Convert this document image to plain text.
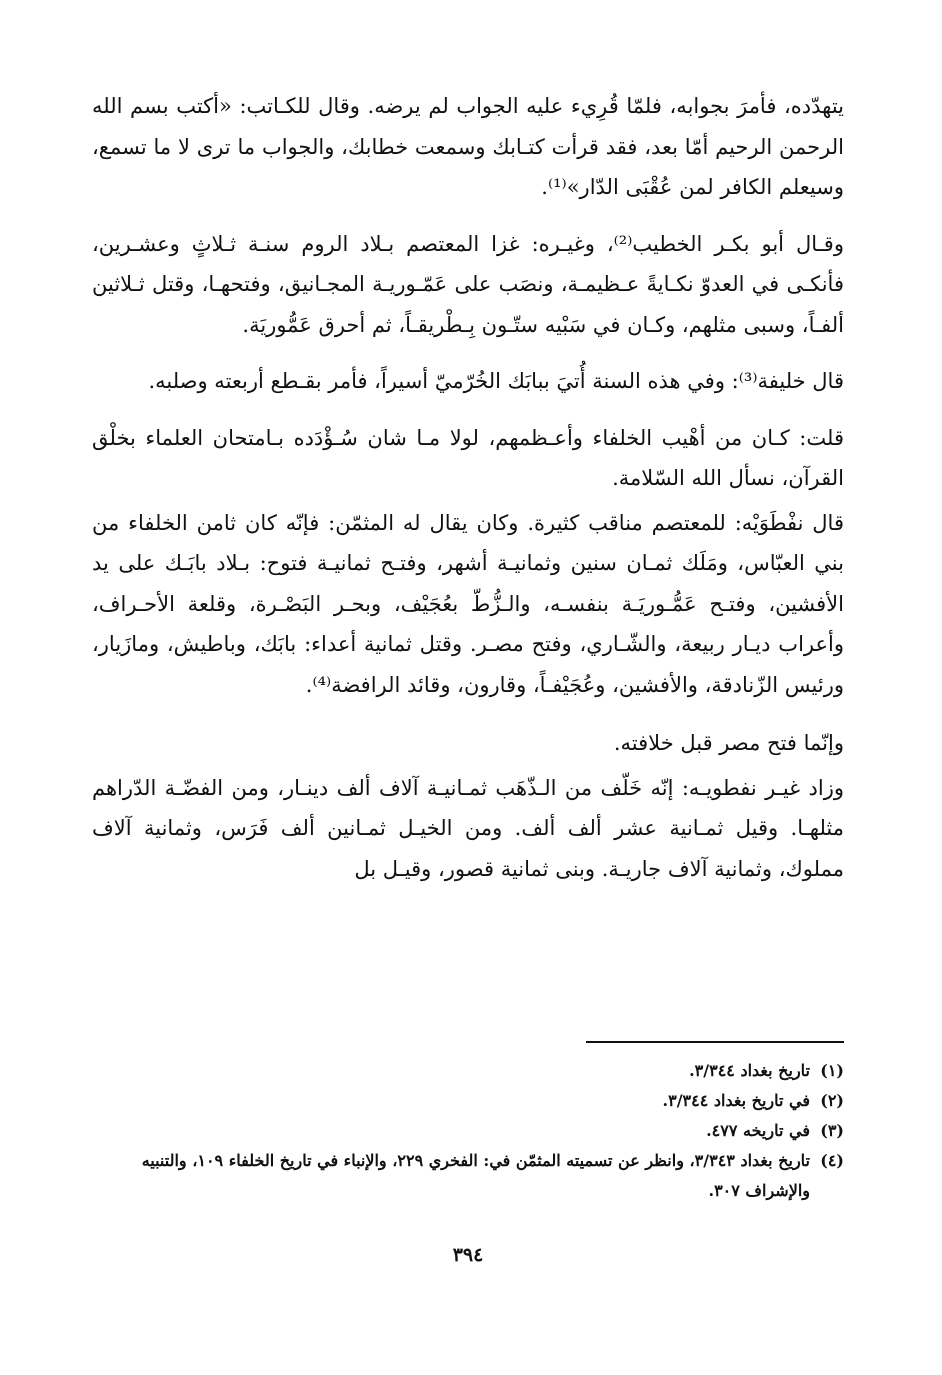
يتهدّده، فأمرَ بجوابه، فلمّا قُرِيء عليه الجواب لم يرضه. وقال للكـاتب: «أكتب بسم الله الرحمن الرحيم أمّا بعد، فقد قرأت كتـابك وسمعت خطابك، والجواب ما ترى لا ما تسمع، وسيعلم الكافر لمن عُقْبَى الدّار»⁽¹⁾.

وقـال أبو بكـر الخطيب⁽²⁾، وغيـره: غزا المعتصم بـلاد الروم سنـة ثـلاثٍ وعشـرين، فأنكـى في العدوّ نكـايةً عـظيمـة، ونصَب على عَمّـوريـة المجـانيق، وفتحهـا، وقتل ثـلاثين ألفـاً، وسبى مثلهم، وكـان في سَبْيه ستّـون بِـطْريقـاً، ثم أحرق عَمُّوريَة.

قال خليفة⁽³⁾: وفي هذه السنة أُتيَ ببابَك الخُرّميّ أسيراً، فأمر بقـطع أربعته وصلبه.

قلت: كـان من أهْيب الخلفاء وأعـظمهم، لولا مـا شان سُـؤْدَده بـامتحان العلماء بخلْق القرآن، نسأل الله السّلامة.

قال نفْطَوَيْه: للمعتصم مناقب كثيرة. وكان يقال له المثمّن: فإنّه كان ثامن الخلفاء من بني العبّاس، ومَلَك ثمـان سنين وثمانيـة أشهر، وفتـح ثمانيـة فتوح: بـلاد بابَـك على يد الأفشين، وفتـح عَمُّـوريَـة بنفسـه، والـزُّطّ بعُجَيْف، وبحـر البَصْـرة، وقلعة الأحـراف، وأعراب ديـار ربيعة، والشّـاري، وفتح مصـر. وقتل ثمانية أعداء: بابَك، وباطيش، ومازَيار، ورئيس الزّنادقة، والأفشين، وعُجَيْفـاً، وقارون، وقائد الرافضة⁽⁴⁾.

وإنّما فتح مصر قبل خلافته.

وزاد غيـر نفطويـه: إنّه خَلّف من الـذّهَب ثمـانيـة آلاف ألف دينـار، ومن الفضّـة الدّراهم مثلهـا. وقيل ثمـانية عشر ألف ألف. ومن الخيـل ثمـانين ألف فَرَس، وثمانية آلاف مملوك، وثمانية آلاف جاريـة. وبنى ثمانية قصور، وقيـل بل

(١)
تاريخ بغداد ٣/٣٤٤.
(٢)
في تاريخ بغداد ٣/٣٤٤.
(٣)
في تاريخه ٤٧٧.
(٤)
تاريخ بغداد ٣/٣٤٣، وانظر عن تسميته المثمّن في: الفخري ٢٢٩، والإنباء في تاريخ الخلفاء ١٠٩، والتنبيه والإشراف ٣٠٧.
٣٩٤
